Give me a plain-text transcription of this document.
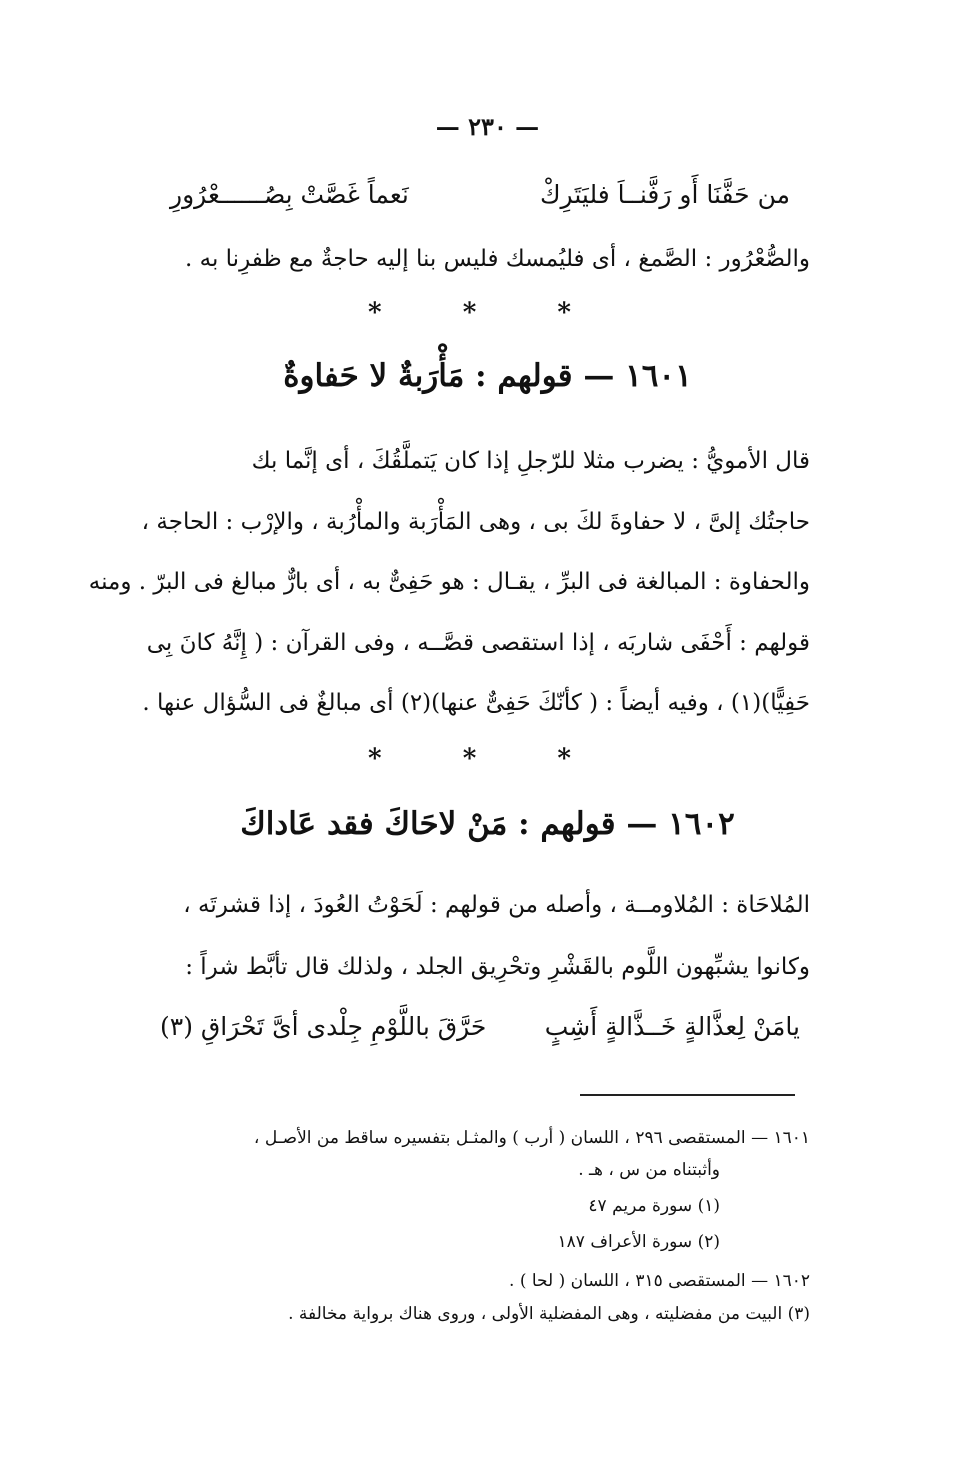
— ٢٣٠ —
من حَفَّنَا أَو رَفَّنــاَ فليَتَرِكْ
نَعماً غَصَّتْ بِصُــــــعْرُورِ
والصُّعْرُور : الصَّمغ ، أى فليُمسك فليس بنا إليه حاجةٌ مع ظفرِنا به .
* * *
١٦٠١ — قولهم : مَأْرَبةٌ لا حَفاوةٌ
قال الأمويُّ : يضرب مثلا للرّجلِ إذا كان يَتملَّقُكَ ، أى إنَّما بك
حاجتُك إلىَّ ، لا حفاوةَ لكَ بى ، وهى المَأْرَبة والمأْرُبة ، والإرْب : الحاجة ،
والحفاوة : المبالغة فى البرِّ ، يقـال : هو حَفِىٌّ به ، أى بارٌّ مبالغ فى البرّ . ومنه
قولهم : أَحْفَى شاربَه ، إذا استقصى قصَّــه ، وفى القرآن : ( إِنَّهُ كانَ بِى
حَفِيًّا)(١) ، وفيه أيضاً : ( كأنّكَ حَفِىٌّ عنها)(٢) أى مبالغٌ فى السُّؤال عنها .
* * *
١٦٠٢ — قولهم : مَنْ لاحَاكَ فقد عَاداكَ
المُلاحَاة : المُلاومــة ، وأصله من قولهم : لَحَوْتُ العُودَ ، إذا قشرتَه ،
وكانوا يشبِّهون اللَّوم بالقَشْرِ وتحْرِيق الجلد ، ولذلك قال تأبَّط شراً :
يامَنْ لِعذَّالةٍ خَــذَّالةٍ أَشِبٍ
حَرَّقَ باللَّوْمِ جِلْدى أىَّ تَحْرَاقِ (٣)
١٦٠١ — المستقصى ٢٩٦ ، اللسان ( أرب ) والمثـل بتفسيره ساقط من الأصـل ،
وأثبتناه من س ، هـ .
(١) سورة مريم ٤٧
(٢) سورة الأعراف ١٨٧
١٦٠٢ — المستقصى ٣١٥ ، اللسان ( لحا ) .
(٣) البيت من مفضليته ، وهى المفضلية الأولى ، وروى هناك برواية مخالفة .
